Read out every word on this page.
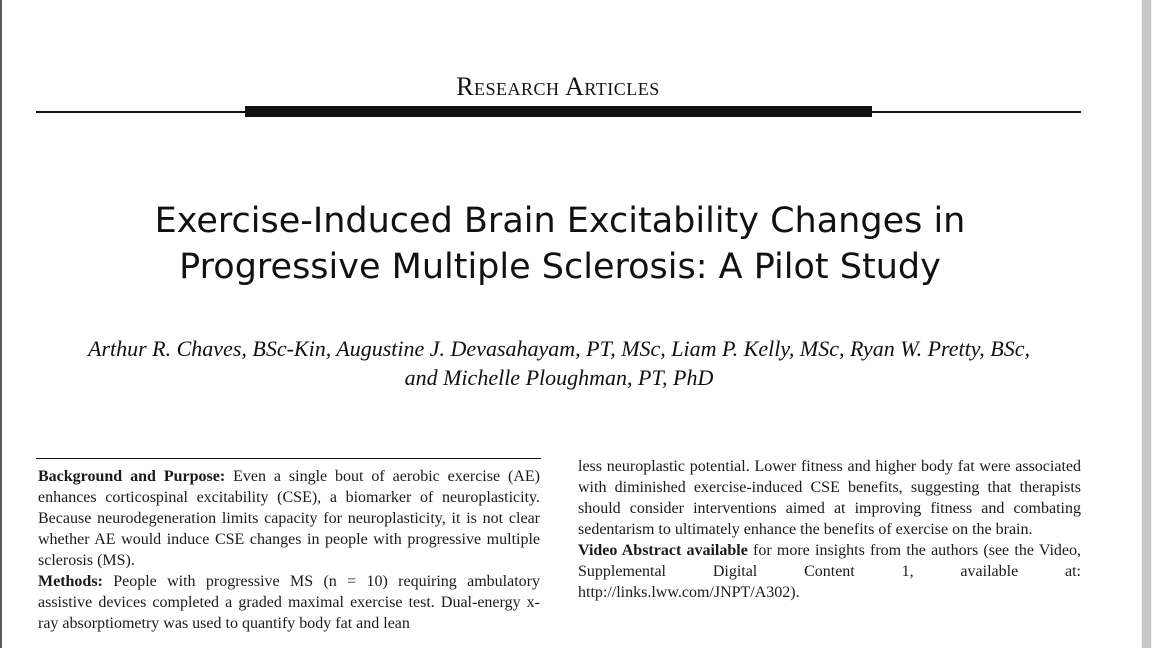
Research Articles
Exercise-Induced Brain Excitability Changes in
Progressive Multiple Sclerosis: A Pilot Study
Arthur R. Chaves, BSc-Kin, Augustine J. Devasahayam, PT, MSc, Liam P. Kelly, MSc, Ryan W. Pretty, BSc,
and Michelle Ploughman, PT, PhD

Background and Purpose: Even a single bout of aerobic exercise (AE) enhances corticospinal excitability (CSE), a biomarker of neuroplasticity. Because neurodegeneration limits capacity for neuroplasticity, it is not clear whether AE would induce CSE changes in people with progressive multiple sclerosis (MS).

Methods: People with progressive MS (n = 10) requiring ambulatory assistive devices completed a graded maximal exercise test. Dual-energy x-ray absorptiometry was used to quantify body fat and lean

less neuroplastic potential. Lower fitness and higher body fat were associated with diminished exercise-induced CSE benefits, suggesting that therapists should consider interventions aimed at improving fitness and combating sedentarism to ultimately enhance the benefits of exercise on the brain.

Video Abstract available for more insights from the authors (see the Video, Supplemental Digital Content 1, available at: http://links.lww.com/JNPT/A302).
